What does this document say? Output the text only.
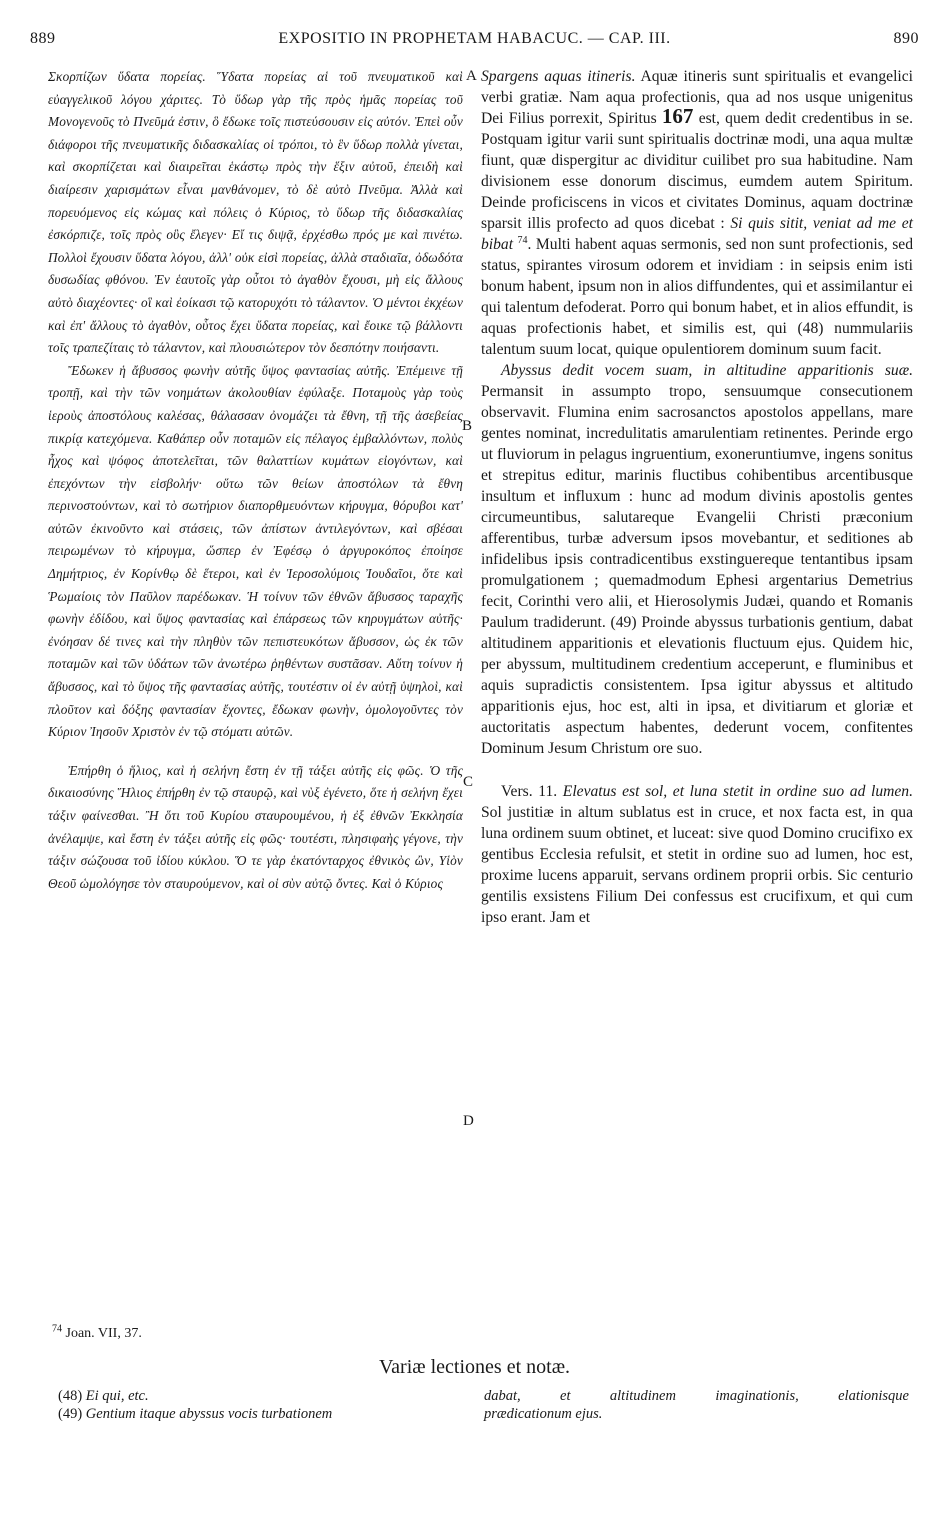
889	EXPOSITIO IN PROPHETAM HABACUC. — CAP. III.	890

Σκορπίζων ὕδατα πορείας. Ὕδατα πορείας αἱ τοῦ πνευματικοῦ καὶ εὐαγγελικοῦ λόγου χάριτες. Τὸ ὕδωρ γὰρ τῆς πρὸς ἡμᾶς πορείας τοῦ Μονογενοῦς τὸ Πνεῦμά ἐστιν, ὃ ἔδωκε τοῖς πιστεύσουσιν εἰς αὐτόν. Ἐπεὶ οὖν διάφοροι τῆς πνευματικῆς διδασκαλίας οἱ τρόποι, τὸ ἓν ὕδωρ πολλὰ γίνεται, καὶ σκορπίζεται καὶ διαιρεῖται ἑκάστῳ πρὸς τὴν ἕξιν αὐτοῦ, ἐπειδὴ καὶ διαίρεσιν χαρισμάτων εἶναι μανθάνομεν, τὸ δὲ αὐτὸ Πνεῦμα. Ἀλλὰ καὶ πορευόμενος εἰς κώμας καὶ πόλεις ὁ Κύριος, τὸ ὕδωρ τῆς διδασκαλίας ἐσκόρπιζε, τοῖς πρὸς οὓς ἔλεγεν· Εἴ τις διψᾷ, ἐρχέσθω πρός με καὶ πινέτω. Πολλοὶ ἔχουσιν ὕδατα λόγου, ἀλλ' οὐκ εἰσὶ πορείας, ἀλλὰ σταδιαῖα, ὀδωδότα δυσωδίας φθόνου. Ἐν ἑαυτοῖς γὰρ οὗτοι τὸ ἀγαθὸν ἔχουσι, μὴ εἰς ἄλλους αὐτὸ διαχέοντες· οἳ καὶ ἐοίκασι τῷ κατορυχότι τὸ τάλαντον. Ὁ μέντοι ἐκχέων καὶ ἐπ' ἄλλους τὸ ἀγαθὸν, οὗτος ἔχει ὕδατα πορείας, καὶ ἔοικε τῷ βάλλοντι τοῖς τραπεζίταις τὸ τάλαντον, καὶ πλουσιώτερον τὸν δεσπότην ποιήσαντι.

Ἔδωκεν ἡ ἄβυσσος φωνὴν αὐτῆς ὕψος φαντασίας αὐτῆς. Ἐπέμεινε τῇ τροπῇ, καὶ τὴν τῶν νοημάτων ἀκολουθίαν ἐφύλαξε. Ποταμοὺς γὰρ τοὺς ἱεροὺς ἀποστόλους καλέσας, θάλασσαν ὀνομάζει τὰ ἔθνη, τῇ τῆς ἀσεβείας πικρίᾳ κατεχόμενα. Καθάπερ οὖν ποταμῶν εἰς πέλαγος ἐμβαλλόντων, πολὺς ἦχος καὶ ψόφος ἀποτελεῖται, τῶν θαλαττίων κυμάτων εἰογόντων, καὶ ἐπεχόντων τὴν εἰσβολήν· οὕτω τῶν θείων ἀποστόλων τὰ ἔθνη περινοστούντων, καὶ τὸ σωτήριον διαπορθμευόντων κήρυγμα, θόρυβοι κατ' αὐτῶν ἐκινοῦντο καὶ στάσεις, τῶν ἀπίστων ἀντιλεγόντων, καὶ σβέσαι πειρωμένων τὸ κήρυγμα, ὥσπερ ἐν Ἐφέσῳ ὁ ἀργυροκόπος ἐποίησε Δημήτριος, ἐν Κορίνθῳ δὲ ἕτεροι, καὶ ἐν Ἱεροσολύμοις Ἰουδαῖοι, ὅτε καὶ Ῥωμαίοις τὸν Παῦλον παρέδωκαν. Ἡ τοίνυν τῶν ἐθνῶν ἄβυσσος ταραχῆς φωνὴν ἐδίδου, καὶ ὕψος φαντασίας καὶ ἐπάρσεως τῶν κηρυγμάτων αὐτῆς· ἐνόησαν δέ τινες καὶ τὴν πληθὺν τῶν πεπιστευκότων ἄβυσσον, ὡς ἐκ τῶν ποταμῶν καὶ τῶν ὑδάτων τῶν ἀνωτέρω ῥηθέντων συστᾶσαν. Αὕτη τοίνυν ἡ ἄβυσσος, καὶ τὸ ὕψος τῆς φαντασίας αὐτῆς, τουτέστιν οἱ ἐν αὐτῇ ὑψηλοὶ, καὶ πλοῦτον καὶ δόξης φαντασίαν ἔχοντες, ἔδωκαν φωνὴν, ὁμολογοῦντες τὸν Κύριον Ἰησοῦν Χριστὸν ἐν τῷ στόματι αὐτῶν.

Ἐπήρθη ὁ ἥλιος, καὶ ἡ σελήνη ἔστη ἐν τῇ τάξει αὐτῆς εἰς φῶς. Ὁ τῆς δικαιοσύνης Ἥλιος ἐπήρθη ἐν τῷ σταυρῷ, καὶ νὺξ ἐγένετο, ὅτε ἡ σελήνη ἔχει τάξιν φαίνεσθαι. Ἢ ὅτι τοῦ Κυρίου σταυρουμένου, ἡ ἐξ ἐθνῶν Ἐκκλησία ἀνέλαμψε, καὶ ἔστη ἐν τάξει αὐτῆς εἰς φῶς· τουτέστι, πλησιφαὴς γέγονε, τὴν τάξιν σώζουσα τοῦ ἰδίου κύκλου. Ὅ τε γὰρ ἑκατόνταρχος ἐθνικὸς ὢν, Υἱὸν Θεοῦ ὡμολόγησε τὸν σταυρούμενον, καὶ οἱ σὺν αὐτῷ ὄντες. Καὶ ὁ Κύριος

A
B
C
D

Spargens aquas itineris. Aquæ itineris sunt spiritualis et evangelici verbi gratiæ. Nam aqua profectionis, qua ad nos usque unigenitus Dei Filius porrexit, Spiritus 167 est, quem dedit credentibus in se. Postquam igitur varii sunt spiritualis doctrinæ modi, una aqua multæ fiunt, quæ dispergitur ac dividitur cuilibet pro sua habitudine. Nam divisionem esse donorum discimus, eumdem autem Spiritum. Deinde proficiscens in vicos et civitates Dominus, aquam doctrinæ sparsit illis profecto ad quos dicebat : Si quis sitit, veniat ad me et bibat $^{74}$. Multi habent aquas sermonis, sed non sunt profectionis, sed status, spirantes virosum odorem et invidiam : in seipsis enim isti bonum habent, ipsum non in alios diffundentes, qui et assimilantur ei qui talentum defoderat. Porro qui bonum habet, et in alios effundit, is aquas profectionis habet, et similis est, qui (48) nummulariis talentum suum locat, quique opulentiorem dominum suum facit.

Abyssus dedit vocem suam, in altitudine apparitionis suæ. Permansit in assumpto tropo, sensuumque consecutionem observavit. Flumina enim sacrosanctos apostolos appellans, mare gentes nominat, incredulitatis amarulentiam retinentes. Perinde ergo ut fluviorum in pelagus ingruentium, exoneruntiumve, ingens sonitus et strepitus editur, marinis fluctibus cohibentibus arcentibusque insultum et influxum : hunc ad modum divinis apostolis gentes circumeuntibus, salutareque Evangelii Christi præconium afferentibus, turbæ adversum ipsos movebantur, et seditiones ab infidelibus ipsis contradicentibus exstinguereque tentantibus ipsam promulgationem ; quemadmodum Ephesi argentarius Demetrius fecit, Corinthi vero alii, et Hierosolymis Judæi, quando et Romanis Paulum tradiderunt. (49) Proinde abyssus turbationis gentium, dabat altitudinem apparitionis et elevationis fluctuum ejus. Quidem hic, per abyssum, multitudinem credentium acceperunt, e fluminibus et aquis supradictis consistentem. Ipsa igitur abyssus et altitudo apparitionis ejus, hoc est, alti in ipsa, et divitiarum et gloriæ et auctoritatis aspectum habentes, dederunt vocem, confitentes Dominum Jesum Christum ore suo.

Vers. 11. Elevatus est sol, et luna stetit in ordine suo ad lumen. Sol justitiæ in altum sublatus est in cruce, et nox facta est, in qua luna ordinem suum obtinet, et luceat: sive quod Domino crucifixo ex gentibus Ecclesia refulsit, et stetit in ordine suo ad lumen, hoc est, proxime lucens apparuit, servans ordinem proprii orbis. Sic centurio gentilis exsistens Filium Dei confessus est crucifixum, et qui cum ipso erant. Jam et

$^{74}$ Joan. VII, 37.
Variæ lectiones et notæ.
(48) Ei qui, etc.
(49) Gentium itaque abyssus vocis turbationem
dabat, et altitudinem imaginationis, elationisque
prædicationum ejus.
